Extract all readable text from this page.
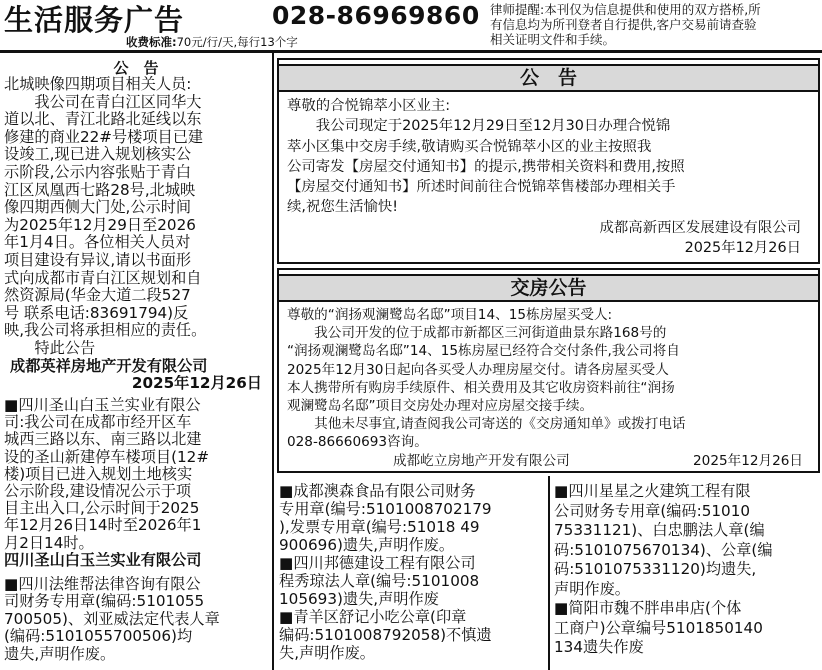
生活服务广告	028-86969860
收费标准:70元/行/天,每行13个字
律师提醒:本刊仅为信息提供和使用的双方搭桥,所
有信息均为所刊登者自行提供,客户交易前请查验
相关证明文件和手续。
公　告
北城映像四期项目相关人员:
　　我公司在青白江区同华大
道以北、青江北路北延线以东
修建的商业22#号楼项目已建
设竣工,现已进入规划核实公
示阶段,公示内容张贴于青白
江区凤凰西七路28号,北城映
像四期西侧大门处,公示时间
为2025年12月29日至2026
年1月4日。各位相关人员对
项目建设有异议,请以书面形
式向成都市青白江区规划和自
然资源局(华金大道二段527
号 联系电话:83691794)反
映,我公司将承担相应的责任。
　　特此公告
成都英祥房地产开发有限公司
2025年12月26日
■四川圣山白玉兰实业有限公
司:我公司在成都市经开区车
城西三路以东、南三路以北建
设的圣山新建停车楼项目(12#
楼)项目已进入规划土地核实
公示阶段,建设情况公示于项
目主出入口,公示时间于2025
年12月26日14时至2026年1
月2日14时。
四川圣山白玉兰实业有限公司
■四川法维帮法律咨询有限公
司财务专用章(编码:5101055
700505)、刘亚威法定代表人章
(编码:5101055700506)均
遗失,声明作废。
公　告
尊敬的合悦锦萃小区业主:
　　我公司现定于2025年12月29日至12月30日办理合悦锦
萃小区集中交房手续,敬请购买合悦锦萃小区的业主按照我
公司寄发【房屋交付通知书】的提示,携带相关资料和费用,按照
【房屋交付通知书】所述时间前往合悦锦萃售楼部办理相关手
续,祝您生活愉快!
成都高新西区发展建设有限公司
2025年12月26日
交房公告
尊敬的“润扬观澜鹭岛名邸”项目14、15栋房屋买受人:
　　我公司开发的位于成都市新都区三河街道曲景东路168号的
“润扬观澜鹭岛名邸”14、15栋房屋已经符合交付条件,我公司将自
2025年12月30日起向各买受人办理房屋交付。请各房屋买受人
本人携带所有购房手续原件、相关费用及其它收房资料前往“润扬
观澜鹭岛名邸”项目交房处办理对应房屋交接手续。
　　其他未尽事宜,请查阅我公司寄送的《交房通知单》或拨打电话
028-86660693咨询。
成都屹立房地产开发有限公司	2025年12月26日
■成都澳森食品有限公司财务
专用章(编号:5101008702179
),发票专用章(编号:51018 49
900696)遗失,声明作废。
■四川邦德建设工程有限公司
程秀琼法人章(编号:5101008
105693)遗失,声明作废
■青羊区舒记小吃公章(印章
编码:5101008792058)不慎遗
失,声明作废。
■四川星星之火建筑工程有限
公司财务专用章(编码:51010
75331121)、白忠鹏法人章(编
码:5101075670134)、公章(编
码:5101075331120)均遗失,
声明作废。
■简阳市魏不胖串串店(个体
工商户)公章编号5101850140
134遗失作废
